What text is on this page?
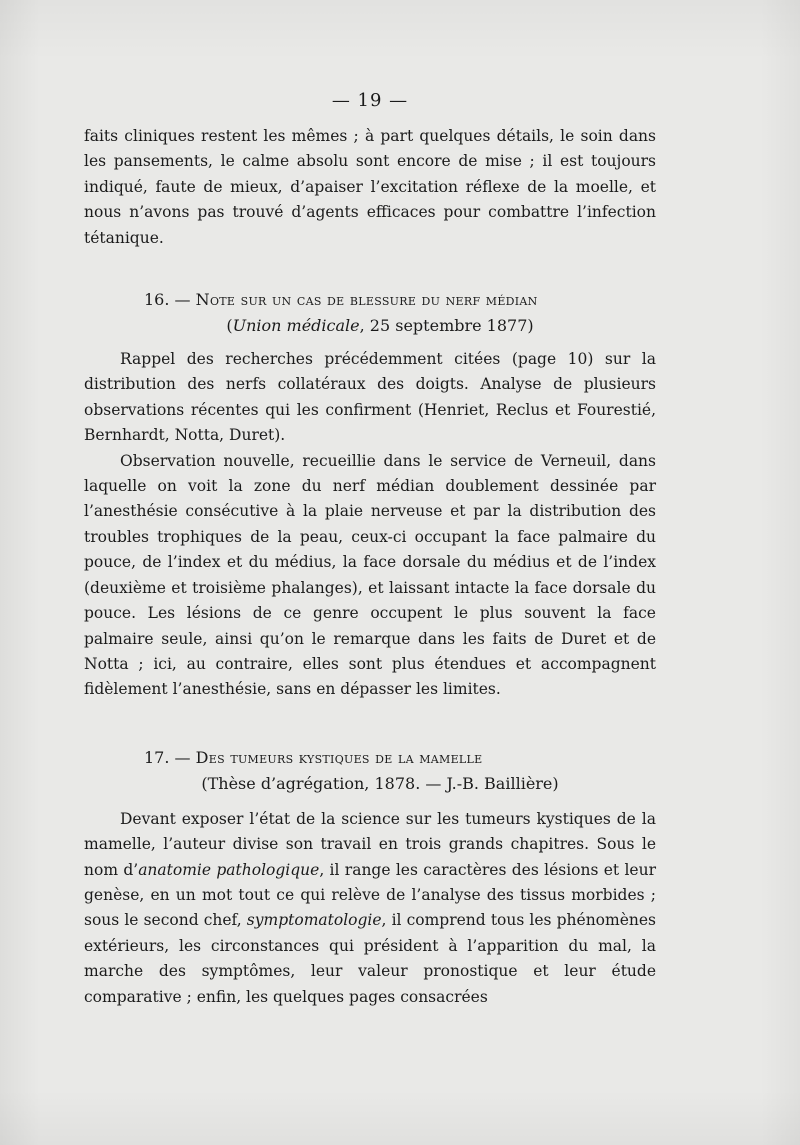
— 19 —

faits cliniques restent les mêmes ; à part quelques détails, le soin dans les pansements, le calme absolu sont encore de mise ; il est toujours indiqué, faute de mieux, d’apaiser l’excitation réflexe de la moelle, et nous n’avons pas trouvé d’agents efficaces pour combattre l’infection tétanique.

16. — Note sur un cas de blessure du nerf médian

(Union médicale, 25 septembre 1877)

Rappel des recherches précédemment citées (page 10) sur la distribution des nerfs collatéraux des doigts. Analyse de plusieurs observations récentes qui les confirment (Henriet, Reclus et Fourestié, Bernhardt, Notta, Duret).

Observation nouvelle, recueillie dans le service de Verneuil, dans laquelle on voit la zone du nerf médian doublement dessinée par l’anesthésie consécutive à la plaie nerveuse et par la distribution des troubles trophiques de la peau, ceux-ci occupant la face palmaire du pouce, de l’index et du médius, la face dorsale du médius et de l’index (deuxième et troisième phalanges), et laissant intacte la face dorsale du pouce. Les lésions de ce genre occupent le plus souvent la face palmaire seule, ainsi qu’on le remarque dans les faits de Duret et de Notta ; ici, au contraire, elles sont plus étendues et accompagnent fidèlement l’anesthésie, sans en dépasser les limites.

17. — Des tumeurs kystiques de la mamelle

(Thèse d’agrégation, 1878. — J.-B. Baillière)

Devant exposer l’état de la science sur les tumeurs kystiques de la mamelle, l’auteur divise son travail en trois grands chapitres. Sous le nom d’anatomie pathologique, il range les caractères des lésions et leur genèse, en un mot tout ce qui relève de l’analyse des tissus morbides ; sous le second chef, symptomatologie, il comprend tous les phénomènes extérieurs, les circonstances qui président à l’apparition du mal, la marche des symptômes, leur valeur pronostique et leur étude comparative ; enfin, les quelques pages consacrées
